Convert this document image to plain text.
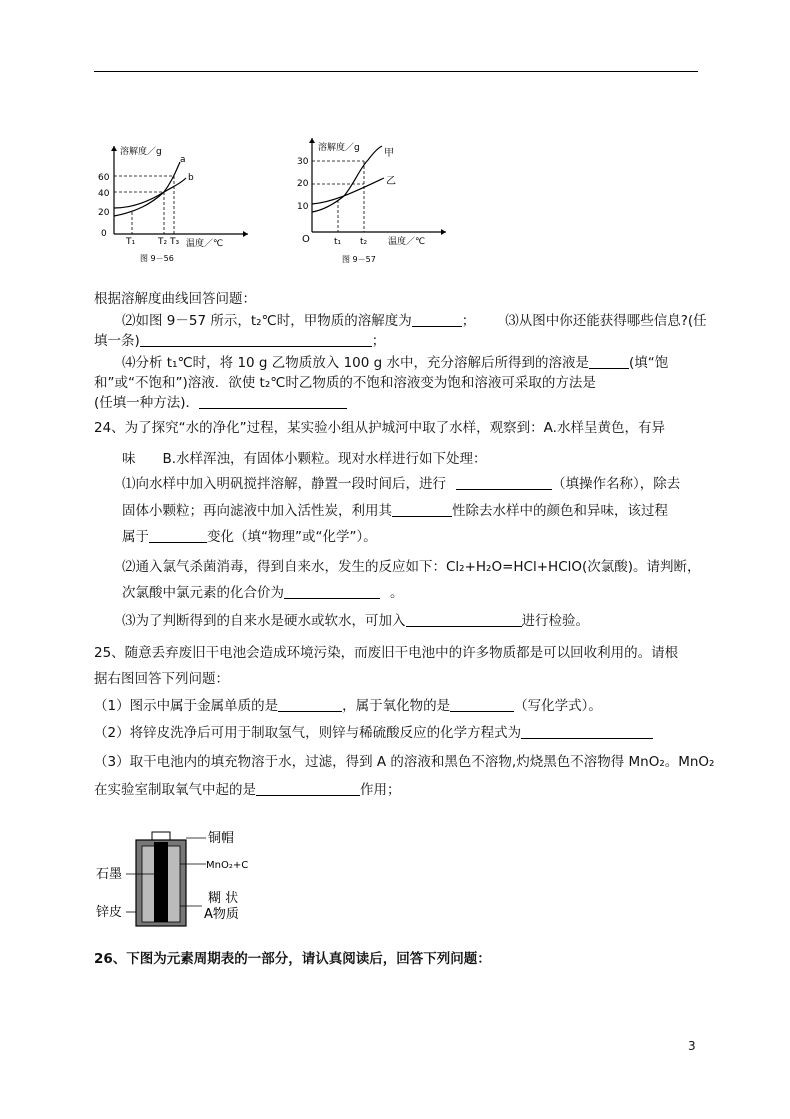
溶解度／g
温度／℃
60
40
20
0
a
b
T₁	T₂ T₃
图 9－56
溶解度／g
温度／℃
30
20
10
O
甲
乙
t₁ t₂
图 9－57
根据溶解度曲线回答问题：
⑵如图 9－57 所示，t₂℃时，甲物质的溶解度为	； ⑶从图中你还能获得哪些信息?(任
填一条)	；
⑷分析 t₁℃时，将 10 g 乙物质放入 100 g 水中，充分溶解后所得到的溶液是	(填“饱
和”或“不饱和”)溶液．欲使 t₂℃时乙物质的不饱和溶液变为饱和溶液可采取的方法是
(任填一种方法)．
24、为了探究“水的净化”过程，某实验小组从护城河中取了水样，观察到：A.水样呈黄色，有异
味　　B.水样浑浊，有固体小颗粒。现对水样进行如下处理：
⑴向水样中加入明矾搅拌溶解，静置一段时间后，进行	（填操作名称），除去
固体小颗粒；再向滤液中加入活性炭，利用其	性除去水样中的颜色和异味，该过程
属于	变化（填“物理”或“化学”）。
⑵通入氯气杀菌消毒，得到自来水，发生的反应如下：Cl₂+H₂O=HCl+HClO(次氯酸)。请判断，
次氯酸中氯元素的化合价为	。
⑶为了判断得到的自来水是硬水或软水，可加入	进行检验。
25、随意丢弃废旧干电池会造成环境污染，而废旧干电池中的许多物质都是可以回收利用的。请根
据右图回答下列问题：
（1）图示中属于金属单质的是	，属于氧化物的是	（写化学式）。
（2）将锌皮洗净后可用于制取氢气，则锌与稀硫酸反应的化学方程式为
（3）取干电池内的填充物溶于水，过滤，得到 A 的溶液和黑色不溶物,灼烧黑色不溶物得 MnO₂。MnO₂
在实验室制取氧气中起的是	作用；
铜帽
MnO₂+C
糊 状
A物质
石墨
锌皮
26、下图为元素周期表的一部分，请认真阅读后，回答下列问题：
3
